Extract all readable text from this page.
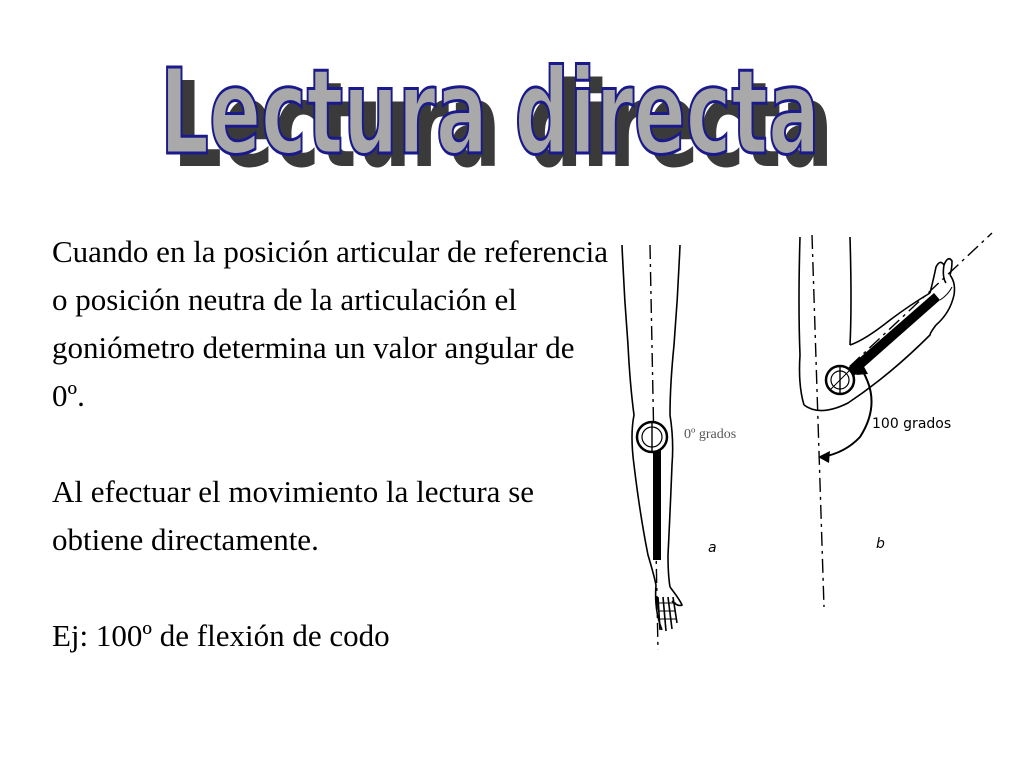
Lectura directa
Lectura directa

Cuando en la posición articular de referencia o posición neutra de la articulación el goniómetro determina un valor angular de 0º.

Al efectuar el movimiento la lectura se obtiene directamente.

Ej: 100º de flexión de codo

0º grados
a
100 grados
b
